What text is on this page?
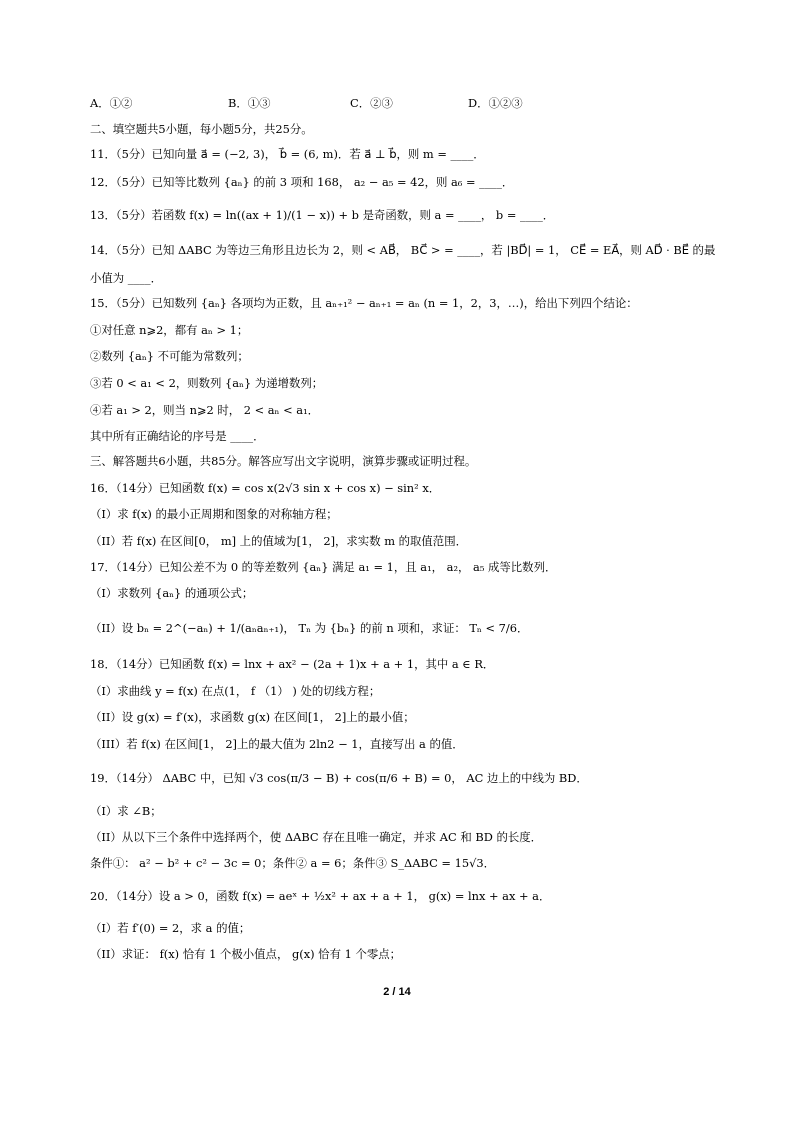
A．①②	B．①③	C．②③	D．①②③
二、填空题共5小题，每小题5分，共25分。
11．（5分）已知向量 a⃗ = (−2, 3)， b⃗ = (6, m)．若 a⃗ ⊥ b⃗，则 m = ____．
12．（5分）已知等比数列 {aₙ} 的前 3 项和 168， a₂ − a₅ = 42，则 a₆ = ____．
13．（5分）若函数 f(x) = ln((ax + 1)/(1 − x)) + b 是奇函数，则 a = ____， b = ____．
14．（5分）已知 ΔABC 为等边三角形且边长为 2，则 < AB⃗， BC⃗ > = ____，若 |BD⃗| = 1， CE⃗ = EA⃗，则 AD⃗ · BE⃗ 的最
小值为 ____．
15．（5分）已知数列 {aₙ} 各项均为正数，且 aₙ₊₁² − aₙ₊₁ = aₙ (n = 1，2，3，…)，给出下列四个结论：
①对任意 n⩾2，都有 aₙ > 1；
②数列 {aₙ} 不可能为常数列；
③若 0 < a₁ < 2，则数列 {aₙ} 为递增数列；
④若 a₁ > 2，则当 n⩾2 时， 2 < aₙ < a₁．
其中所有正确结论的序号是 ____．
三、解答题共6小题，共85分。解答应写出文字说明，演算步骤或证明过程。
16．（14分）已知函数 f(x) = cos x(2√3 sin x + cos x) − sin² x．
（I）求 f(x) 的最小正周期和图象的对称轴方程；
（II）若 f(x) 在区间[0， m] 上的值域为[1， 2]，求实数 m 的取值范围．
17．（14分）已知公差不为 0 的等差数列 {aₙ} 满足 a₁ = 1，且 a₁， a₂， a₅ 成等比数列．
（I）求数列 {aₙ} 的通项公式；
（II）设 bₙ = 2^(−aₙ) + 1/(aₙaₙ₊₁)， Tₙ 为 {bₙ} 的前 n 项和，求证： Tₙ < 7/6．
18．（14分）已知函数 f(x) = lnx + ax² − (2a + 1)x + a + 1，其中 a ∈ R．
（I）求曲线 y = f(x) 在点(1， f （1） ) 处的切线方程；
（II）设 g(x) = f′(x)，求函数 g(x) 在区间[1， 2]上的最小值；
（III）若 f(x) 在区间[1， 2]上的最大值为 2ln2 − 1，直接写出 a 的值．
19．（14分） ΔABC 中，已知 √3 cos(π/3 − B) + cos(π/6 + B) = 0， AC 边上的中线为 BD．
（I）求 ∠B；
（II）从以下三个条件中选择两个，使 ΔABC 存在且唯一确定，并求 AC 和 BD 的长度．
条件①： a² − b² + c² − 3c = 0；条件② a = 6；条件③ S_ΔABC = 15√3．
20．（14分）设 a > 0，函数 f(x) = aeˣ + ½x² + ax + a + 1， g(x) = lnx + ax + a．
（I）若 f′(0) = 2，求 a 的值；
（II）求证： f(x) 恰有 1 个极小值点， g(x) 恰有 1 个零点；
2 / 14
